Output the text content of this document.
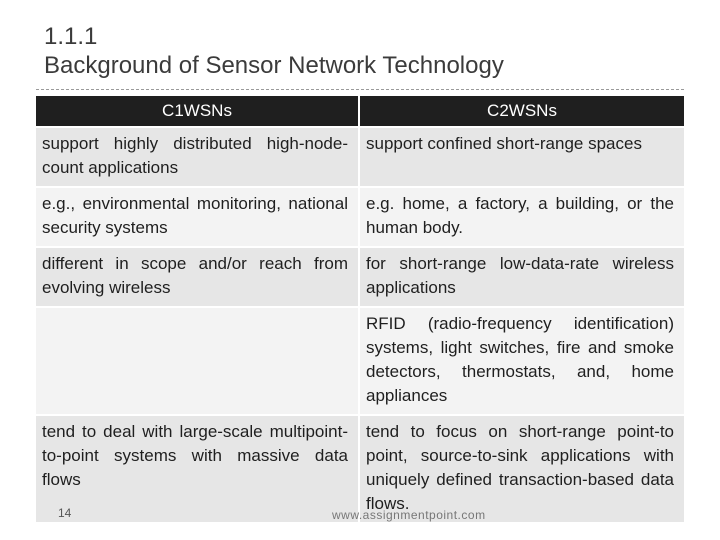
1.1.1
Background of Sensor Network Technology
C1WSNs	C2WSNs
support highly distributed high-node-count applications	support confined short-range spaces
e.g., environmental monitoring, national security systems	e.g. home, a factory, a building, or the human body.
different in scope and/or reach from evolving wireless	for short-range low-data-rate wireless applications
	RFID (radio-frequency identification) systems, light switches, fire and smoke detectors, thermostats, and, home appliances
tend to deal with large-scale multipoint-to-point systems with massive data flows	tend to focus on short-range point-to point, source-to-sink applications with uniquely defined transaction-based data flows.
14	www.assignmentpoint.com
